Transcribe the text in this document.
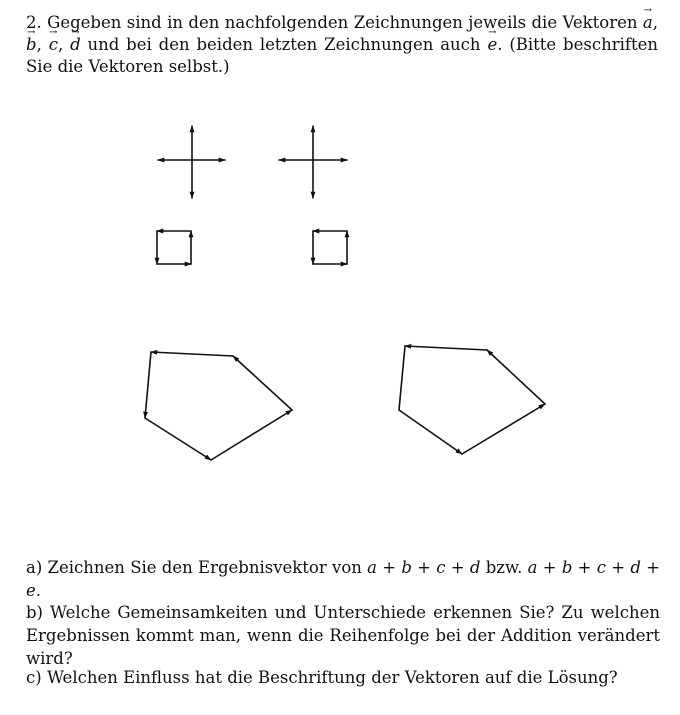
2. Gegeben sind in den nachfolgenden Zeichnungen jeweils die Vektoren → a, → b, → c, → d und bei den beiden letzten Zeichnungen auch → e. (Bitte beschriften Sie die Vektoren selbst.)

a) Zeichnen Sie den Ergebnisvektor von a + b + c + d bzw. a + b + c + d + e.

b) Welche Gemeinsamkeiten und Unterschiede erkennen Sie? Zu welchen Ergebnissen kommt man, wenn die Reihenfolge bei der Addition verändert wird?

c) Welchen Einfluss hat die Beschriftung der Vektoren auf die Lösung?
